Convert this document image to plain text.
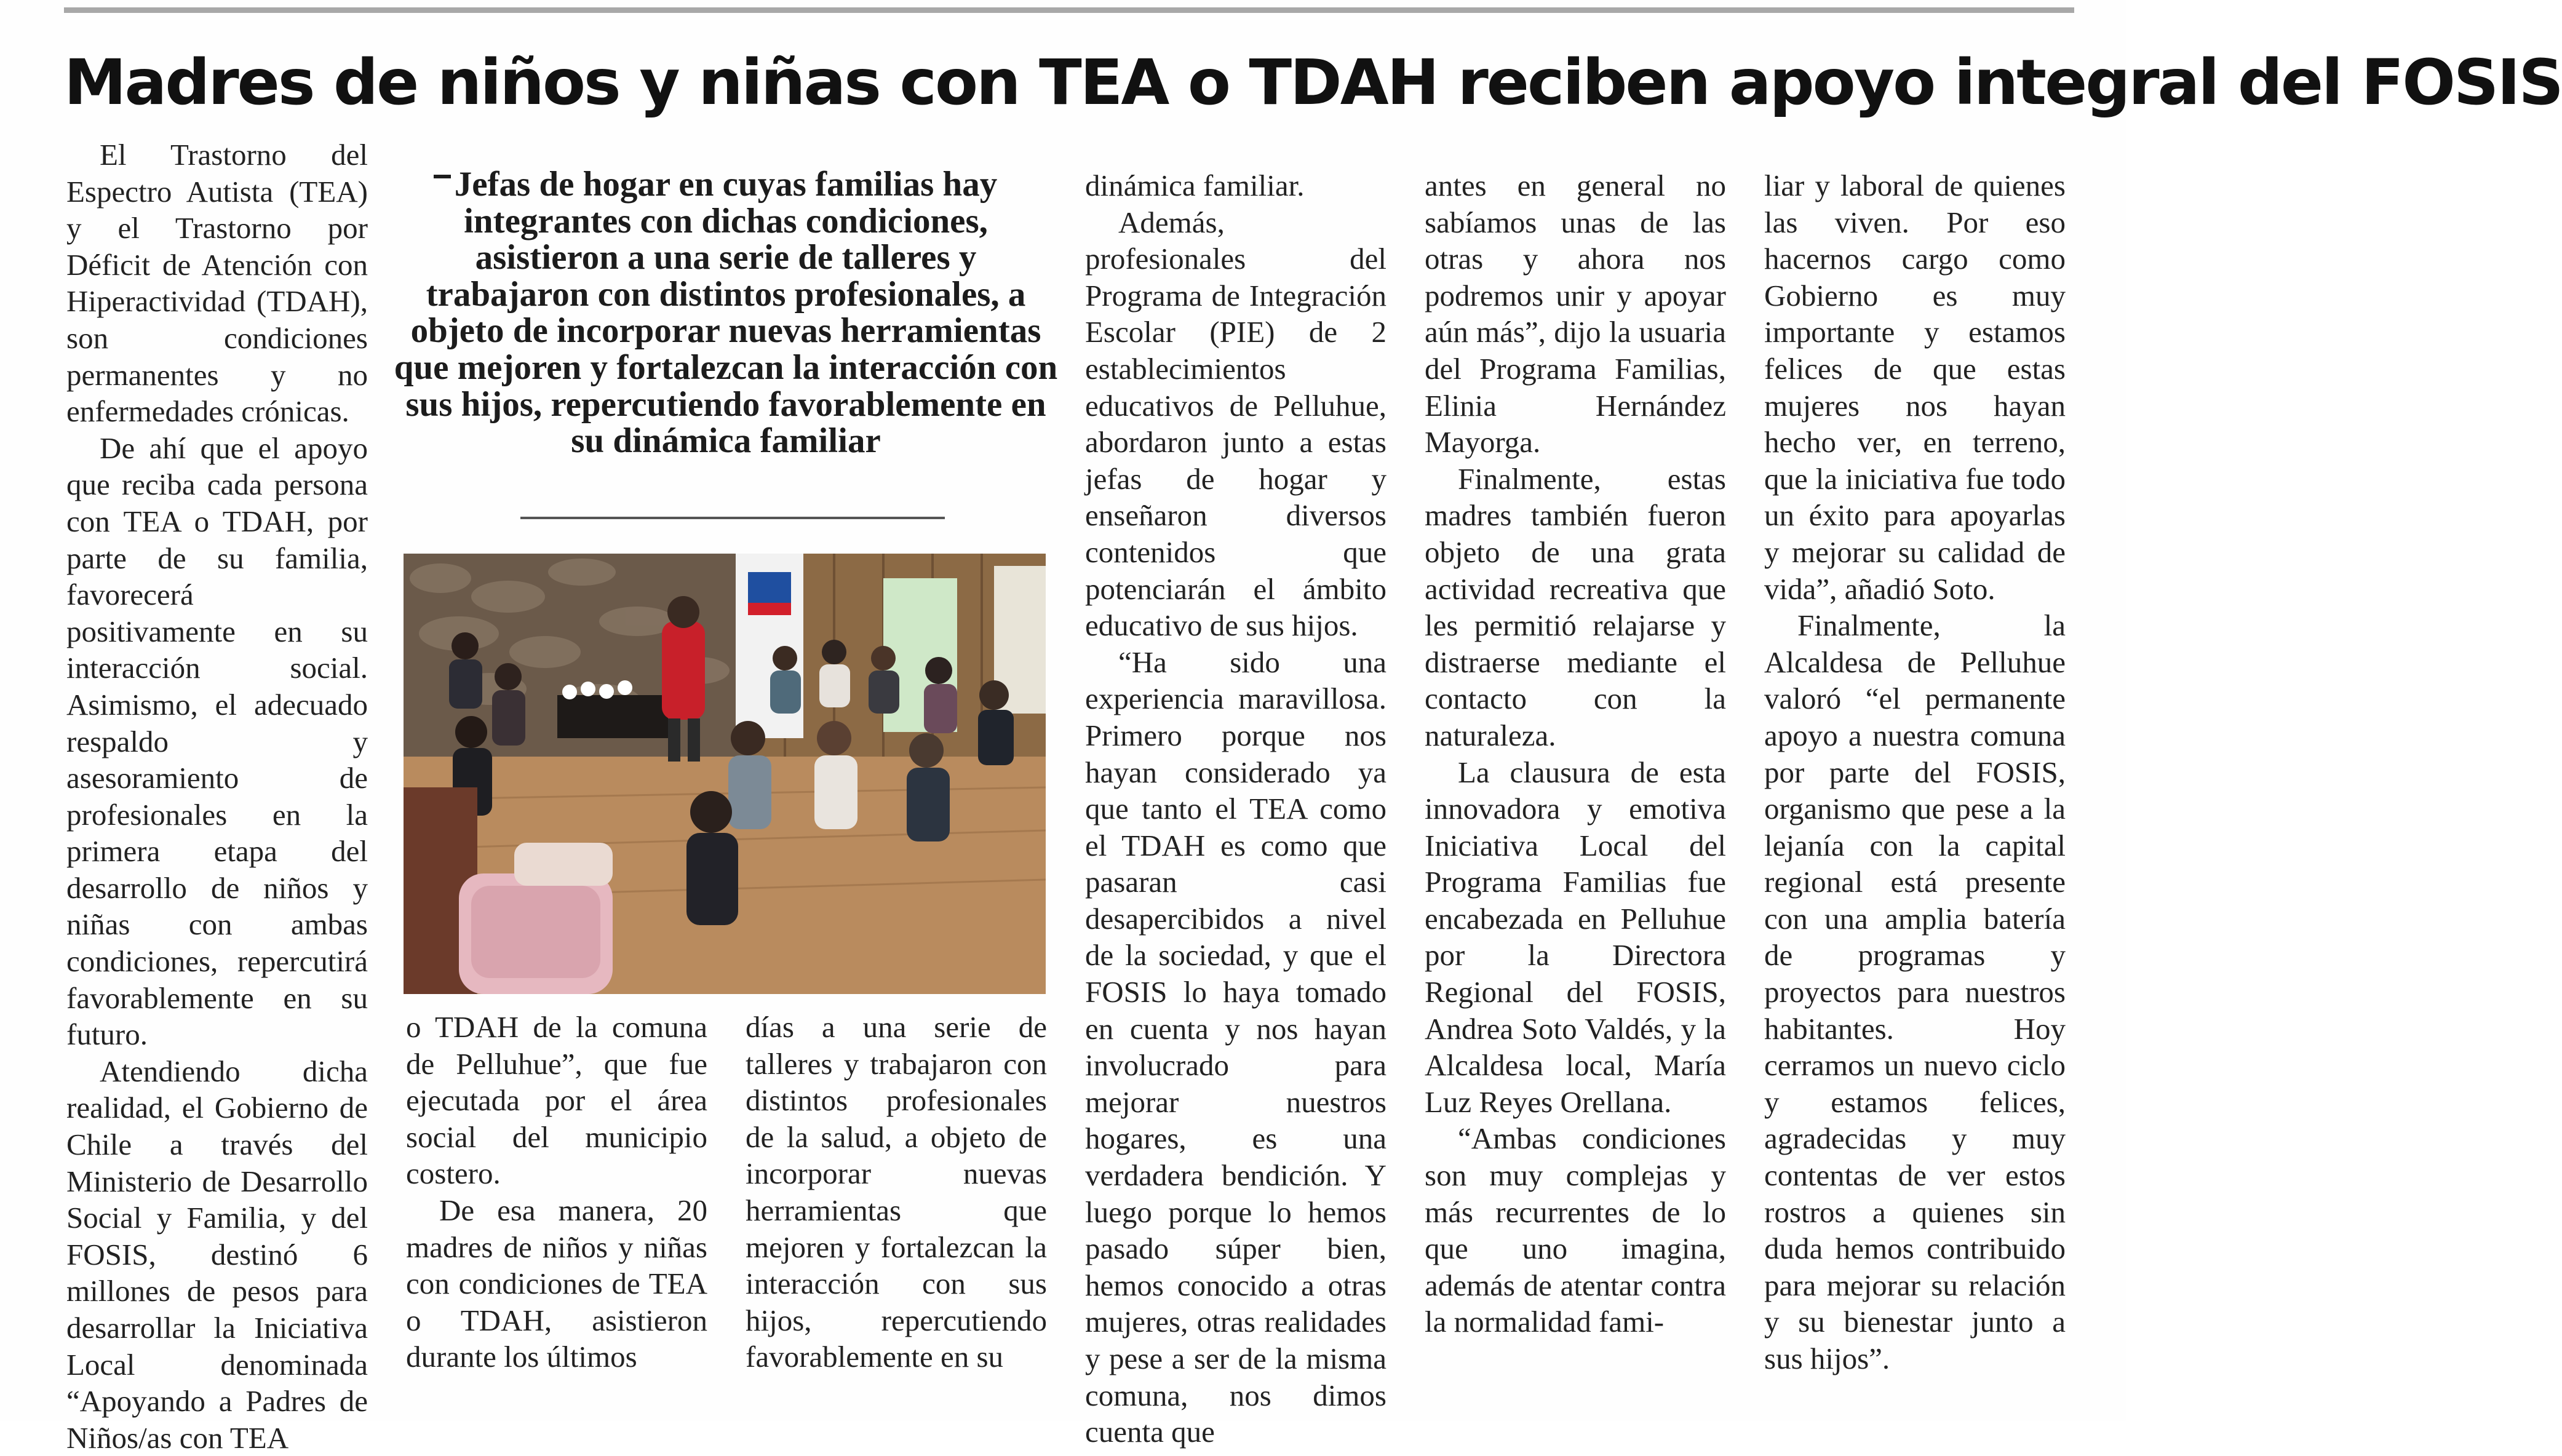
Madres de niños y niñas con TEA o TDAH reciben apoyo integral del FOSIS

El Trastorno del Espectro Autista (TEA) y el Trastorno por Déficit de Atención con Hiperactividad (TDAH), son condiciones permanentes y no enfermedades crónicas.

De ahí que el apoyo que reciba cada persona con TEA o TDAH, por parte de su familia, favorecerá positivamente en su interacción social. Asimismo, el adecuado respaldo y asesoramiento de profesionales en la primera etapa del desarrollo de niños y niñas con ambas condiciones, repercutirá favorablemente en su futuro.

Atendiendo dicha realidad, el Gobierno de Chile a través del Ministerio de Desarrollo Social y Familia, y del FOSIS, destinó 6 millones de pesos para desarrollar la Iniciativa Local denominada “Apoyando a Padres de Niños/as con TEA

Jefas de hogar en cuyas familias hay integrantes con dichas condiciones, asistieron a una serie de talleres y trabajaron con distintos profesionales, a objeto de incorporar nuevas herramientas que mejoren y fortalezcan la interacción con sus hijos, repercutiendo favorablemente en su dinámica familiar

o TDAH de la comuna de Pelluhue”, que fue ejecutada por el área social del municipio costero.

De esa manera, 20 madres de niños y niñas con condiciones de TEA o TDAH, asistieron durante los últimos

días a una serie de talleres y trabajaron con distintos profesionales de la salud, a objeto de incorporar nuevas herramientas que mejoren y fortalezcan la interacción con sus hijos, repercutiendo favorablemente en su

dinámica familiar.

Además, profesionales del Programa de Integración Escolar (PIE) de 2 establecimientos educativos de Pelluhue, abordaron junto a estas jefas de hogar y enseñaron diversos contenidos que potenciarán el ámbito educativo de sus hijos.

“Ha sido una experiencia maravillosa. Primero porque nos hayan considerado ya que tanto el TEA como el TDAH es como que pasaran casi desapercibidos a nivel de la sociedad, y que el FOSIS lo haya tomado en cuenta y nos hayan involucrado para mejorar nuestros hogares, es una verdadera bendición. Y luego porque lo hemos pasado súper bien, hemos conocido a otras mujeres, otras realidades y pese a ser de la misma comuna, nos dimos cuenta que

antes en general no sabíamos unas de las otras y ahora nos podremos unir y apoyar aún más”, dijo la usuaria del Programa Familias, Elinia Hernández Mayorga.

Finalmente, estas madres también fueron objeto de una grata actividad recreativa que les permitió relajarse y distraerse mediante el contacto con la naturaleza.

La clausura de esta innovadora y emotiva Iniciativa Local del Programa Familias fue encabezada en Pelluhue por la Directora Regional del FOSIS, Andrea Soto Valdés, y la Alcaldesa local, María Luz Reyes Orellana.

“Ambas condiciones son muy complejas y más recurrentes de lo que uno imagina, además de atentar contra la normalidad fami-

liar y laboral de quienes las viven. Por eso hacernos cargo como Gobierno es muy importante y estamos felices de que estas mujeres nos hayan hecho ver, en terreno, que la iniciativa fue todo un éxito para apoyarlas y mejorar su calidad de vida”, añadió Soto.

Finalmente, la Alcaldesa de Pelluhue valoró “el permanente apoyo a nuestra comuna por parte del FOSIS, organismo que pese a la lejanía con la capital regional está presente con una amplia batería de programas y proyectos para nuestros habitantes. Hoy cerramos un nuevo ciclo y estamos felices, agradecidas y muy contentas de ver estos rostros a quienes sin duda hemos contribuido para mejorar su relación y su bienestar junto a sus hijos”.
